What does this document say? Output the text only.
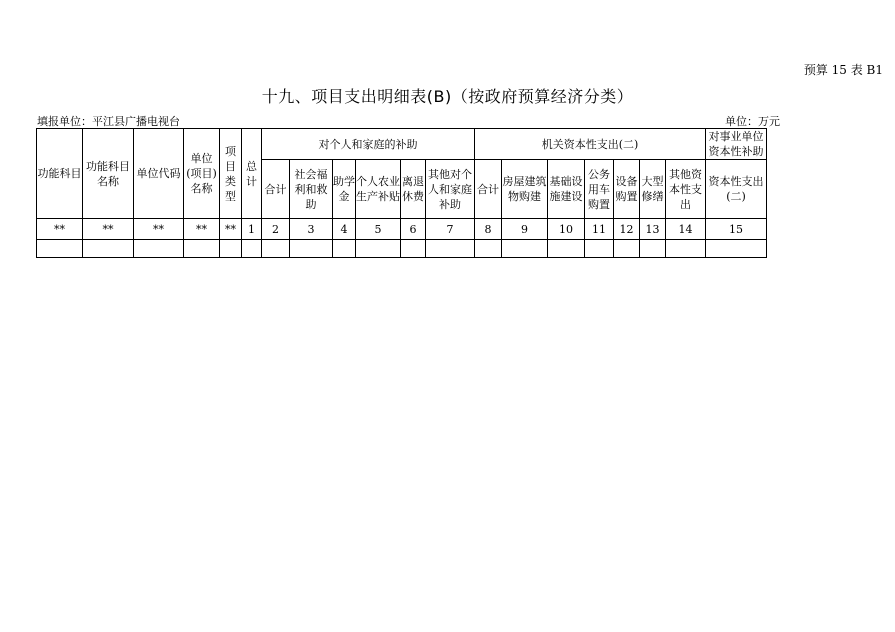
预算 15 表 B1
十九、项目支出明细表(B)（按政府预算经济分类）
填报单位：平江县广播电视台	单位：万元
功能科目	功能科目名称	单位代码	单位(项目)名称	项目类型	总计	对个人和家庭的补助						机关资本性支出(二)							对事业单位资本性补助
						合计	社会福利和救助	助学金	个人农业生产补贴	离退休费	其他对个人和家庭补助	合计	房屋建筑物购建	基础设施建设	公务用车购置	设备购置	大型修缮	其他资本性支出	资本性支出(二)
**	**	**	**	**	1	2	3	4	5	6	7	8	9	10	11	12	13	14	15
